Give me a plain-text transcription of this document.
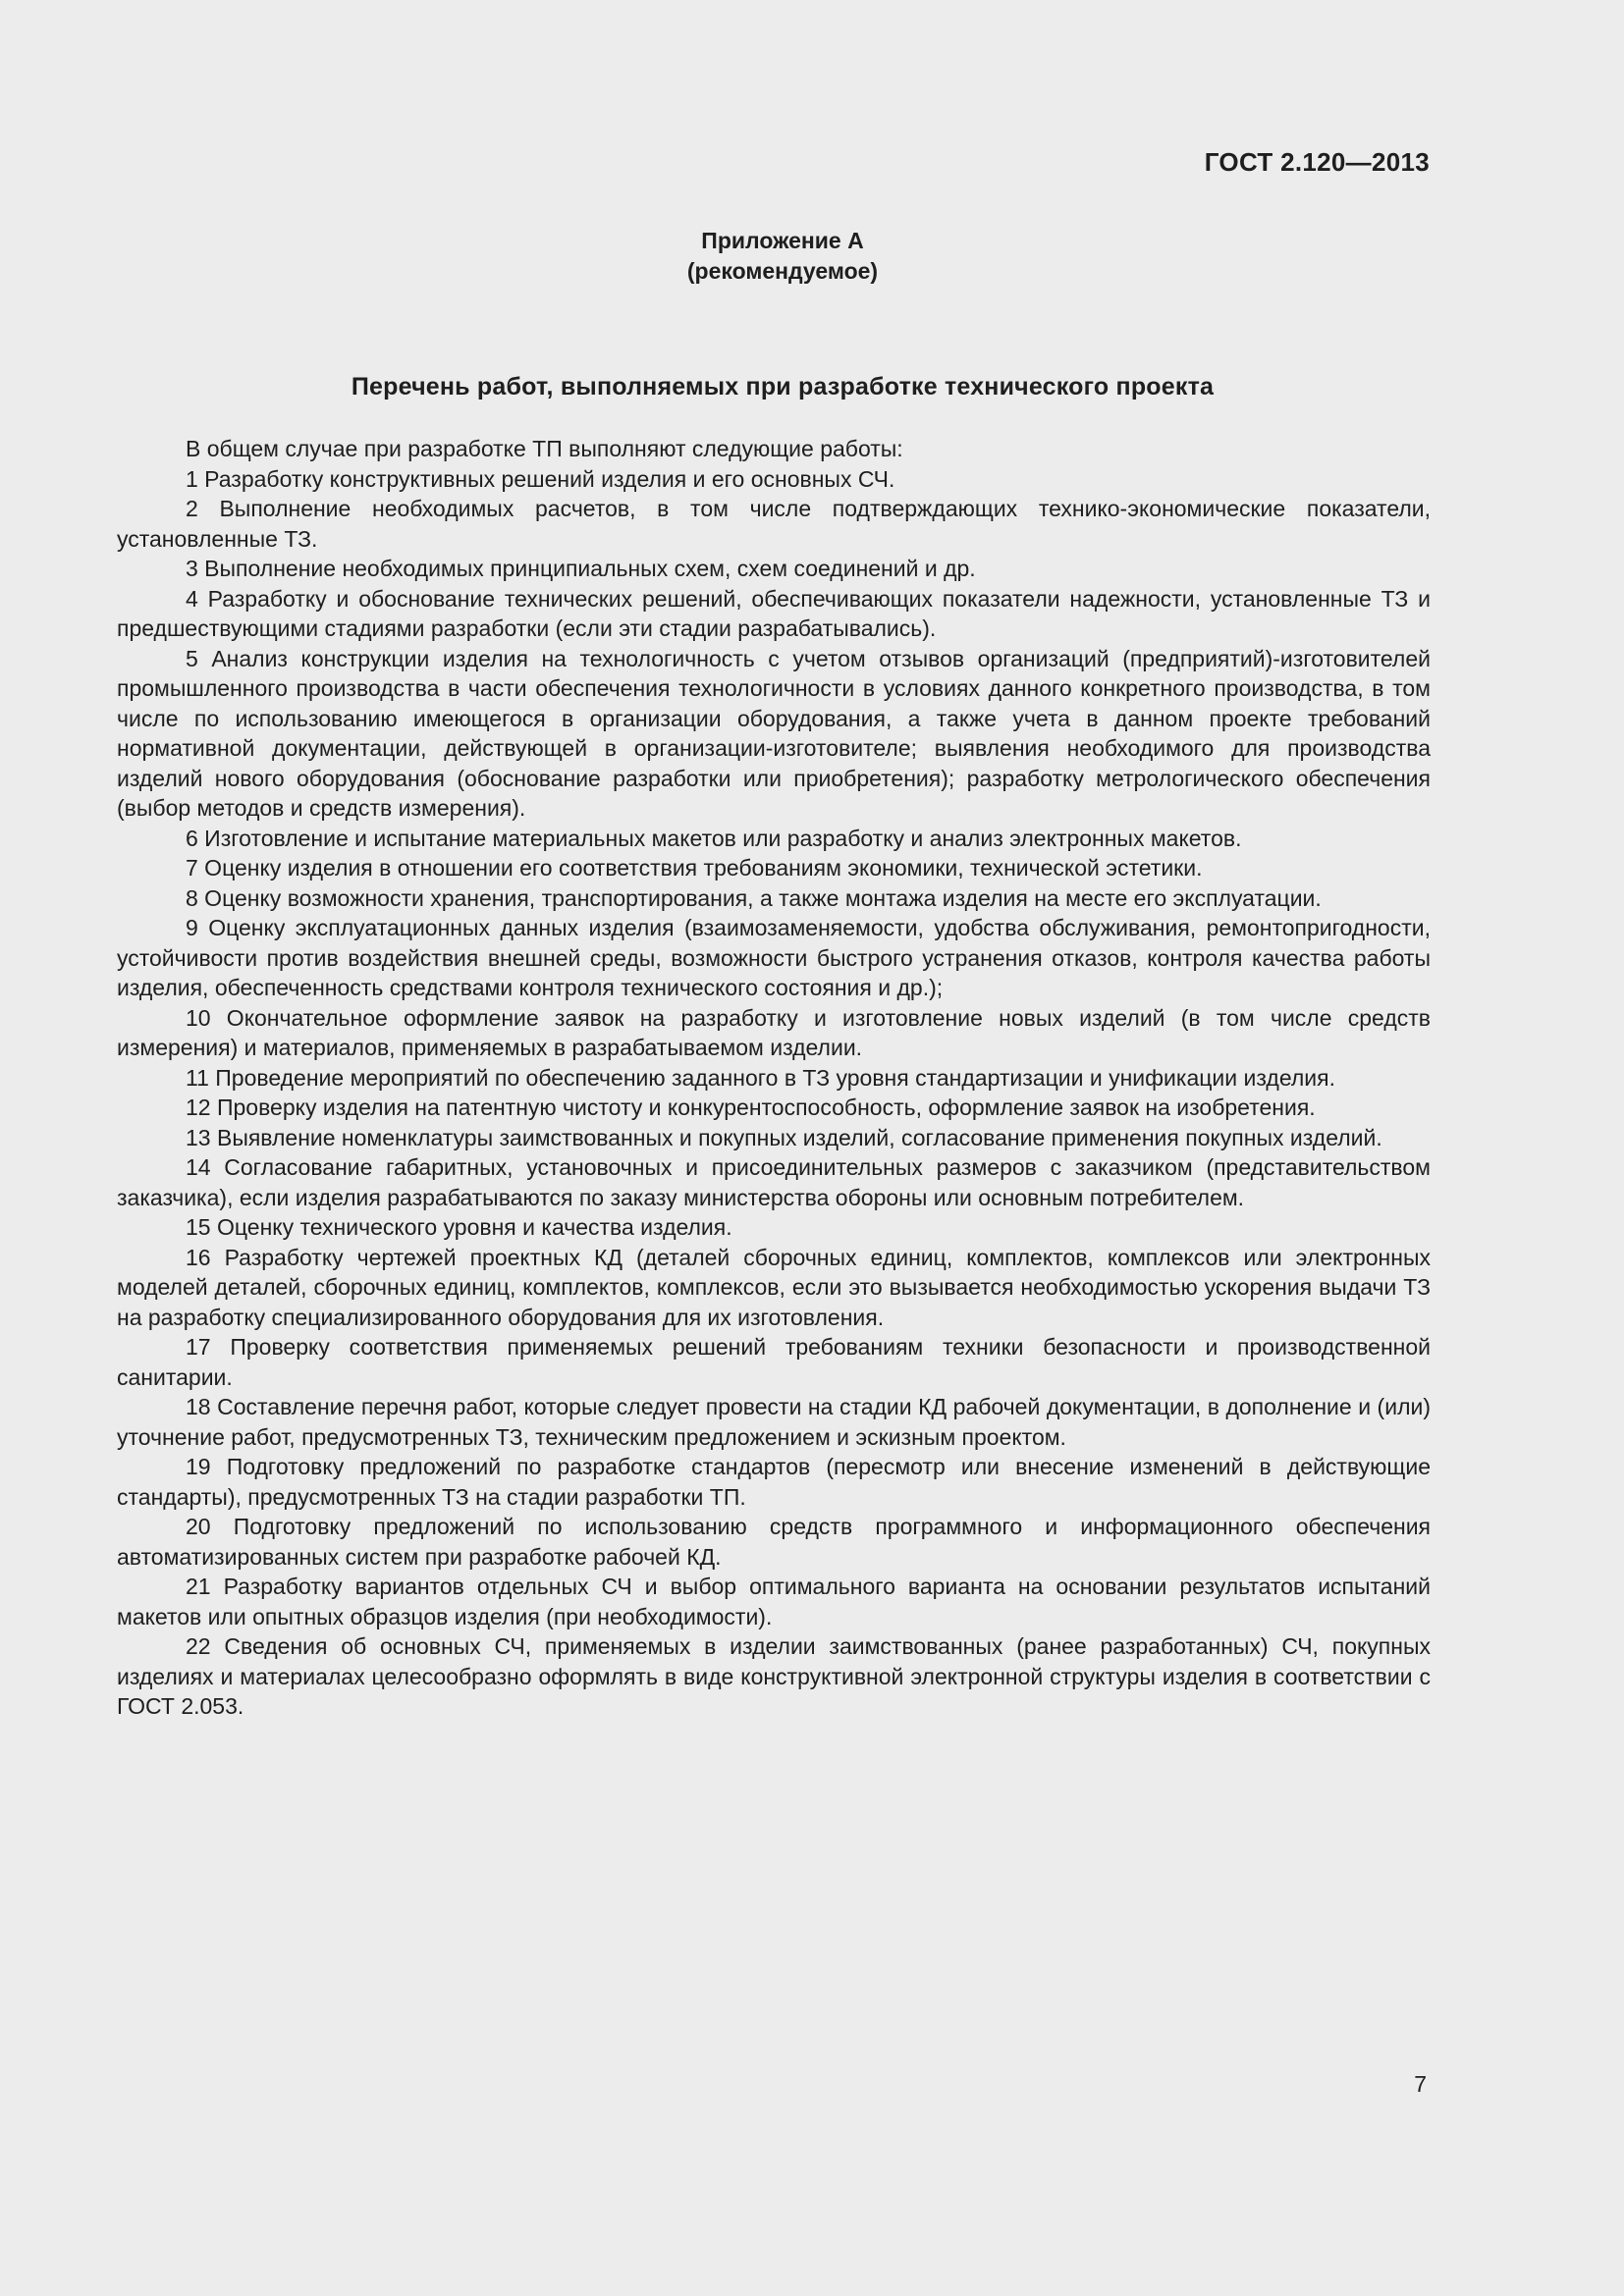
ГОСТ 2.120—2013
Приложение А
(рекомендуемое)
Перечень работ, выполняемых при разработке технического проекта

В общем случае при разработке ТП выполняют следующие работы:

1 Разработку конструктивных решений изделия и его основных СЧ.

2 Выполнение необходимых расчетов, в том числе подтверждающих технико-экономические показатели, установленные ТЗ.

3 Выполнение необходимых принципиальных схем, схем соединений и др.

4 Разработку и обоснование технических решений, обеспечивающих показатели надежности, установленные ТЗ и предшествующими стадиями разработки (если эти стадии разрабатывались).

5 Анализ конструкции изделия на технологичность с учетом отзывов организаций (предприятий)-изготовителей промышленного производства в части обеспечения технологичности в условиях данного конкретного производства, в том числе по использованию имеющегося в организации оборудования, а также учета в данном проекте требований нормативной документации, действующей в организации-изготовителе; выявления необходимого для производства изделий нового оборудования (обоснование разработки или приобретения); разработку метрологического обеспечения (выбор методов и средств измерения).

6 Изготовление и испытание материальных макетов или разработку и анализ электронных макетов.

7 Оценку изделия в отношении его соответствия требованиям экономики, технической эстетики.

8 Оценку возможности хранения, транспортирования, а также монтажа изделия на месте его эксплуатации.

9 Оценку эксплуатационных данных изделия (взаимозаменяемости, удобства обслуживания, ремонтопригодности, устойчивости против воздействия внешней среды, возможности быстрого устранения отказов, контроля качества работы изделия, обеспеченность средствами контроля технического состояния и др.);

10 Окончательное оформление заявок на разработку и изготовление новых изделий (в том числе средств измерения) и материалов, применяемых в разрабатываемом изделии.

11 Проведение мероприятий по обеспечению заданного в ТЗ уровня стандартизации и унификации изделия.

12 Проверку изделия на патентную чистоту и конкурентоспособность, оформление заявок на изобретения.

13 Выявление номенклатуры заимствованных и покупных изделий, согласование применения покупных изделий.

14 Согласование габаритных, установочных и присоединительных размеров с заказчиком (представительством заказчика), если изделия разрабатываются по заказу министерства обороны или основным потребителем.

15 Оценку технического уровня и качества изделия.

16 Разработку чертежей проектных КД (деталей сборочных единиц, комплектов, комплексов или электронных моделей деталей, сборочных единиц, комплектов, комплексов, если это вызывается необходимостью ускорения выдачи ТЗ на разработку специализированного оборудования для их изготовления.

17 Проверку соответствия применяемых решений требованиям техники безопасности и производственной санитарии.

18 Составление перечня работ, которые следует провести на стадии КД рабочей документации, в дополнение и (или) уточнение работ, предусмотренных ТЗ, техническим предложением и эскизным проектом.

19 Подготовку предложений по разработке стандартов (пересмотр или внесение изменений в действующие стандарты), предусмотренных ТЗ на стадии разработки ТП.

20 Подготовку предложений по использованию средств программного и информационного обеспечения автоматизированных систем при разработке рабочей КД.

21 Разработку вариантов отдельных СЧ и выбор оптимального варианта на основании результатов испытаний макетов или опытных образцов изделия (при необходимости).

22 Сведения об основных СЧ, применяемых в изделии заимствованных (ранее разработанных) СЧ, покупных изделиях и материалах целесообразно оформлять в виде конструктивной электронной структуры изделия в соответствии с ГОСТ 2.053.

7
